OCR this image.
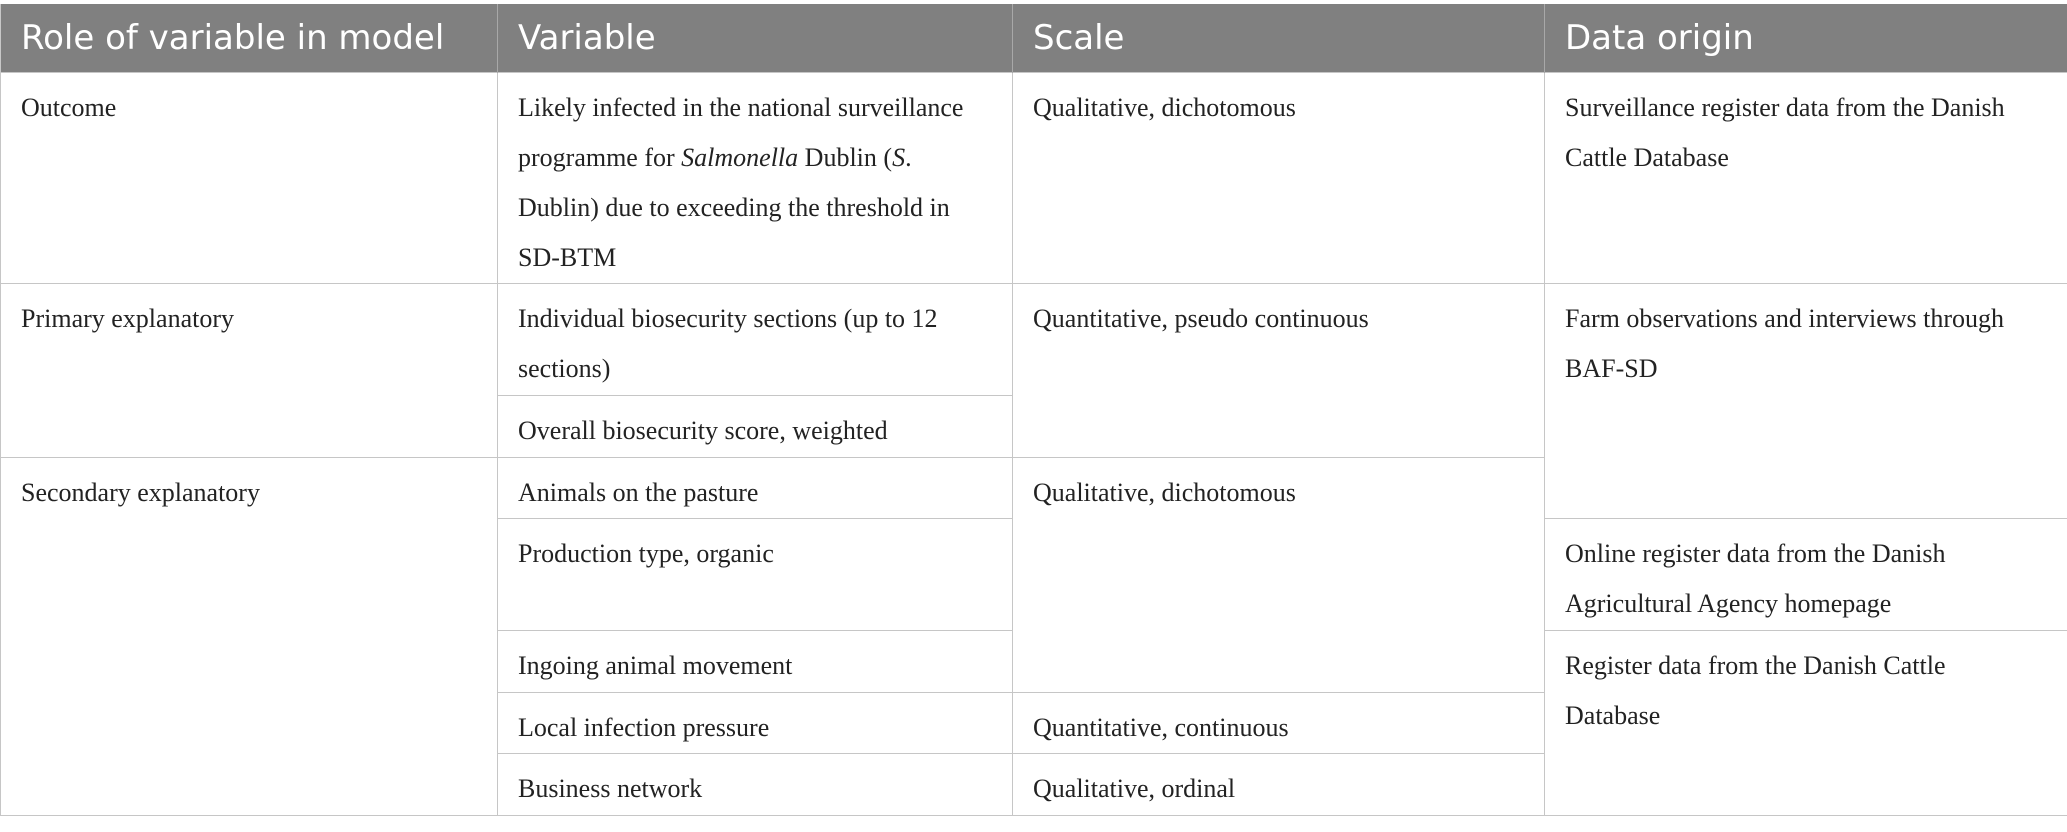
Role of variable in model	Variable	Scale	Data origin
Outcome	Likely infected in the national surveillance programme for Salmonella Dublin (S. Dublin) due to exceeding the threshold in SD-BTM	Qualitative, dichotomous	Surveillance register data from the Danish Cattle Database
Primary explanatory	Individual biosecurity sections (up to 12 sections)	Quantitative, pseudo continuous	Farm observations and interviews through BAF-SD
	Overall biosecurity score, weighted		
Secondary explanatory	Animals on the pasture	Qualitative, dichotomous	
	Production type, organic		Online register data from the Danish Agricultural Agency homepage
	Ingoing animal movement		Register data from the Danish Cattle Database
	Local infection pressure	Quantitative, continuous	
	Business network	Qualitative, ordinal	
